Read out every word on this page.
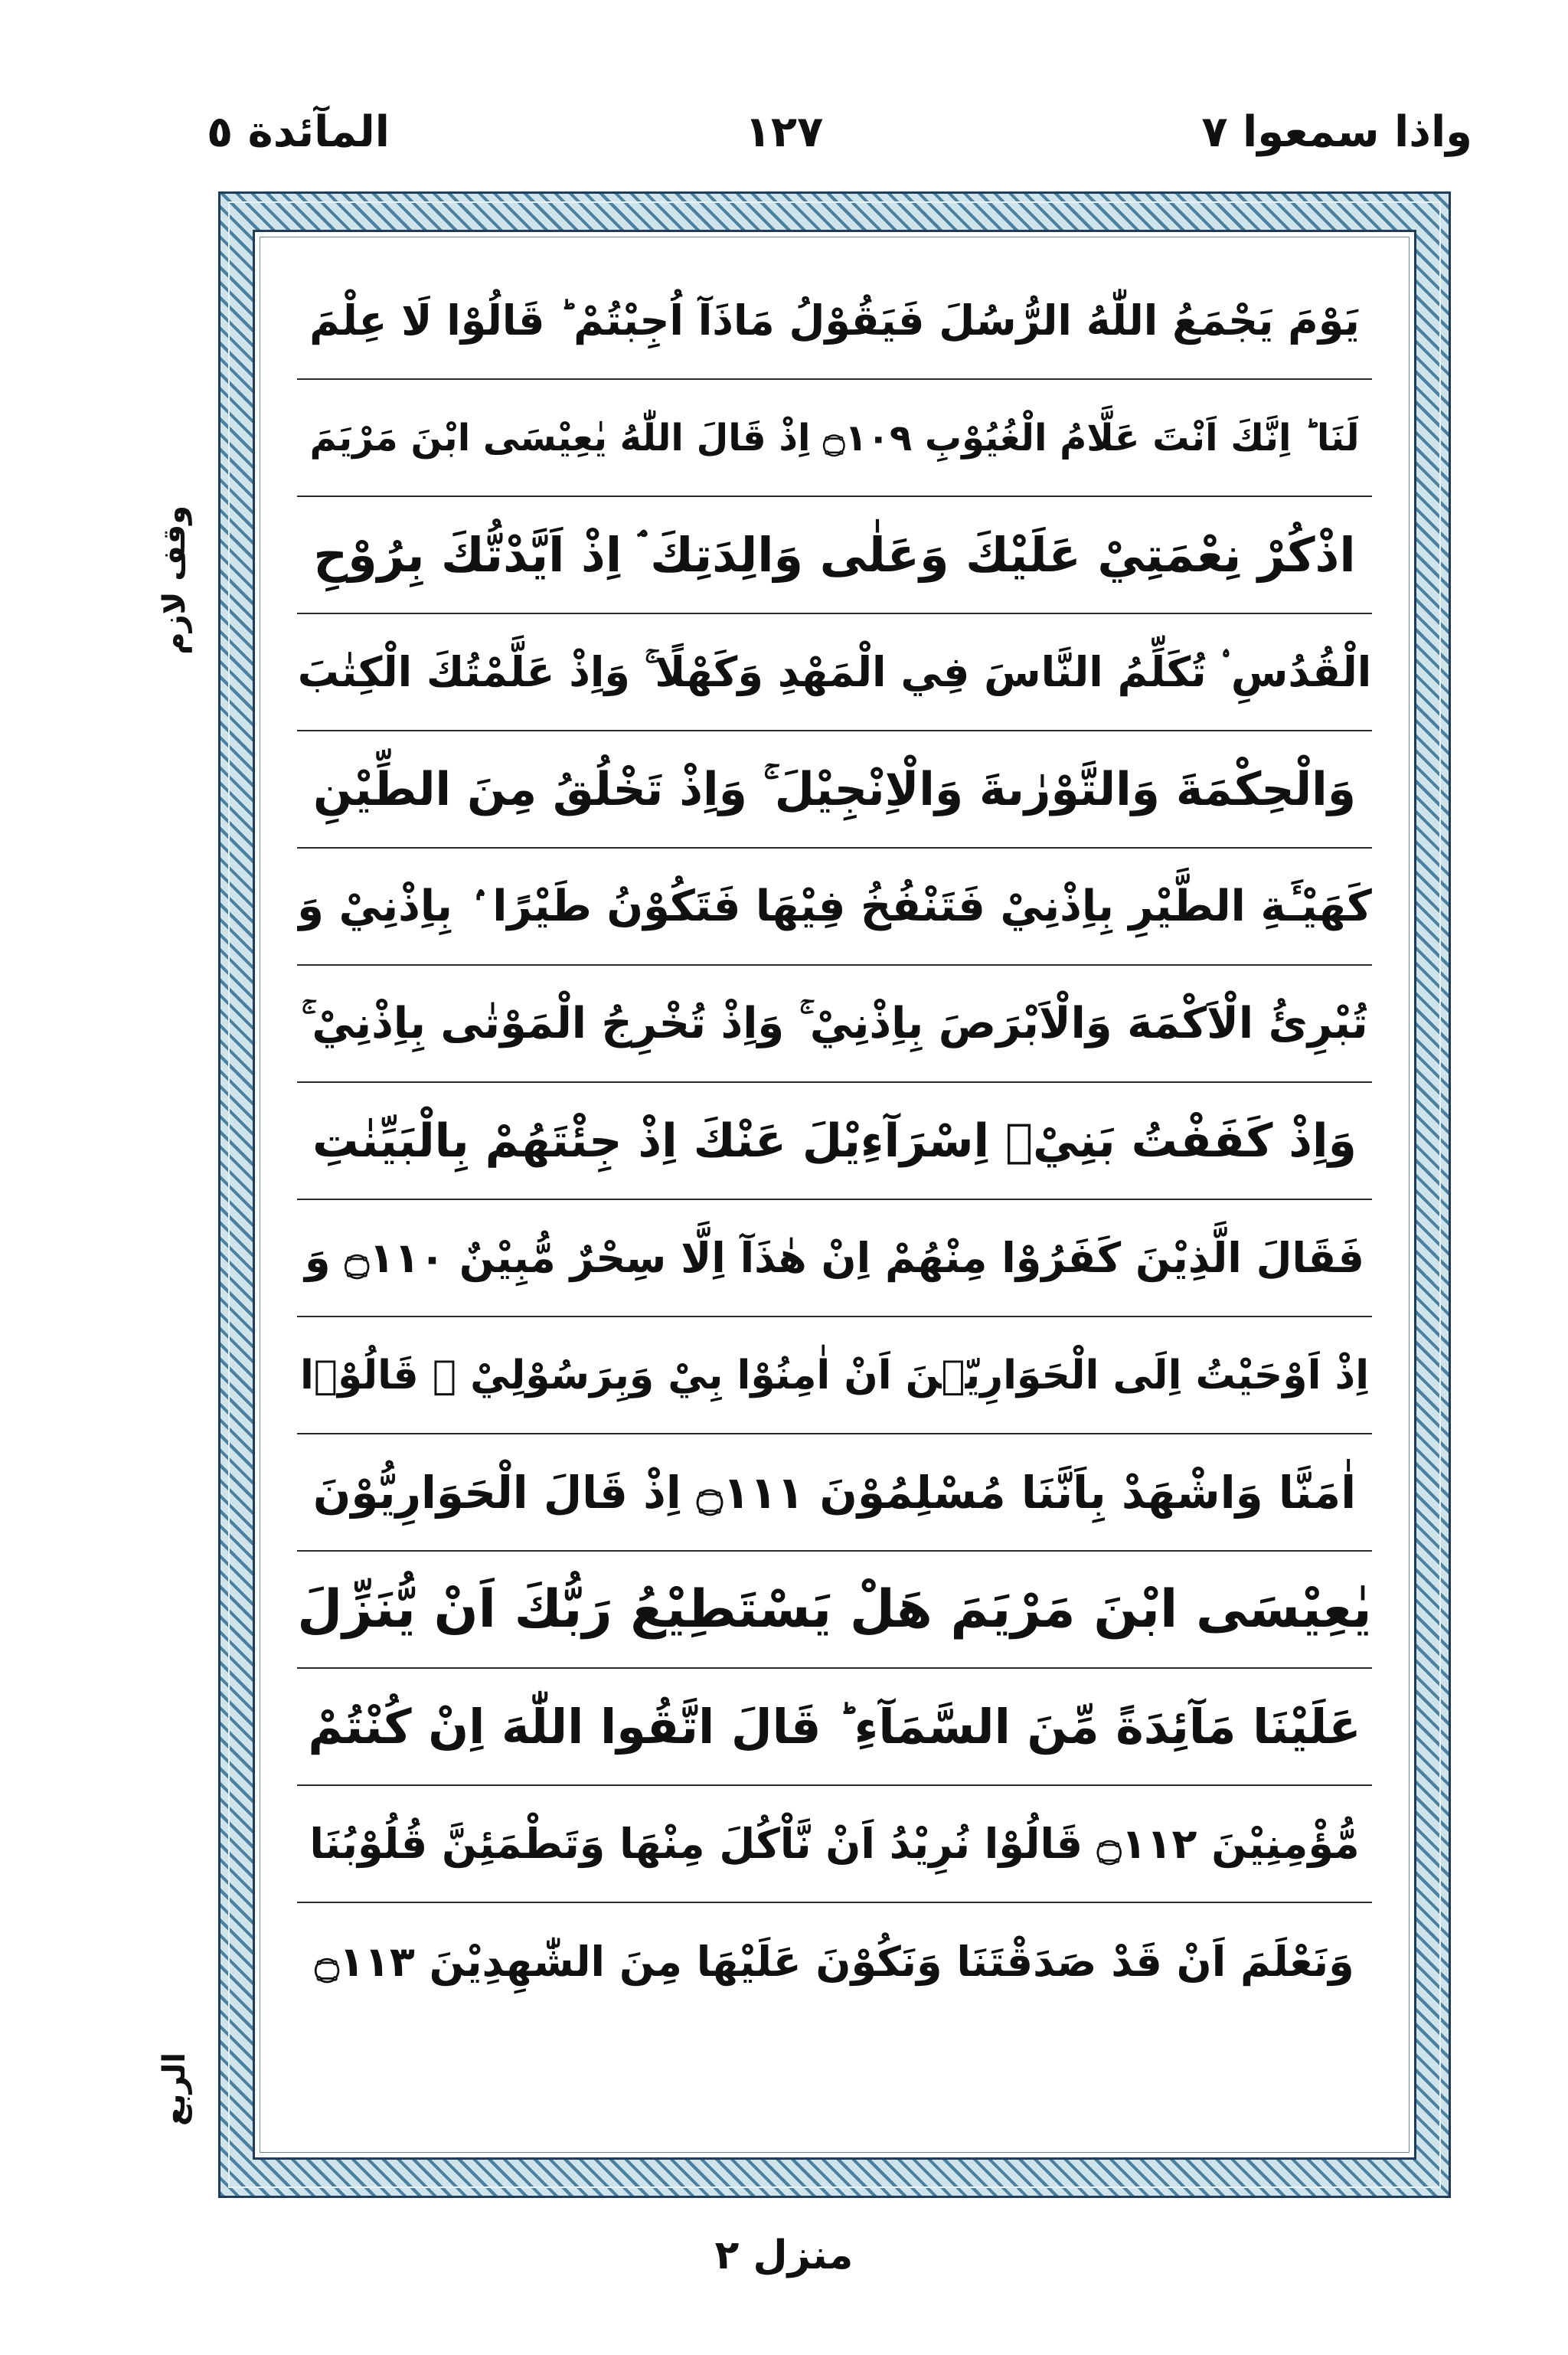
واذا سمعوا ٧
١٢٧
المآئدة ٥
وقف لازم
الربع
يَوْمَ يَجْمَعُ اللّٰهُ الرُّسُلَ فَيَقُوْلُ مَاذَآ اُجِبْتُمْ ؕ قَالُوْا لَا عِلْمَ
لَنَا ؕ اِنَّكَ اَنْتَ عَلَّامُ الْغُيُوْبِ ۝١٠٩ اِذْ قَالَ اللّٰهُ يٰعِيْسَى ابْنَ مَرْيَمَ
اذْكُرْ نِعْمَتِيْ عَلَيْكَ وَعَلٰى وَالِدَتِكَ ۘ اِذْ اَيَّدْتُّكَ بِرُوْحِ
الْقُدُسِ ۟ تُكَلِّمُ النَّاسَ فِي الْمَهْدِ وَكَهْلًا ۚ وَاِذْ عَلَّمْتُكَ الْكِتٰبَ
وَالْحِكْمَةَ وَالتَّوْرٰىةَ وَالْاِنْجِيْلَ ۚ وَاِذْ تَخْلُقُ مِنَ الطِّيْنِ
كَهَيْـَٔةِ الطَّيْرِ بِاِذْنِيْ فَتَنْفُخُ فِيْهَا فَتَكُوْنُ طَيْرًا ۢ بِاِذْنِيْ وَ
تُبْرِئُ الْاَكْمَهَ وَالْاَبْرَصَ بِاِذْنِيْ ۚ وَاِذْ تُخْرِجُ الْمَوْتٰى بِاِذْنِيْ ۚ
وَاِذْ كَفَفْتُ بَنِيْۤ اِسْرَآءِيْلَ عَنْكَ اِذْ جِئْتَهُمْ بِالْبَيِّنٰتِ
فَقَالَ الَّذِيْنَ كَفَرُوْا مِنْهُمْ اِنْ هٰذَآ اِلَّا سِحْرٌ مُّبِيْنٌ ۝١١٠ وَ
اِذْ اَوْحَيْتُ اِلَى الْحَوَارِيّٖنَ اَنْ اٰمِنُوْا بِيْ وَبِرَسُوْلِيْ ۚ قَالُوْۤا
اٰمَنَّا وَاشْهَدْ بِاَنَّنَا مُسْلِمُوْنَ ۝١١١ اِذْ قَالَ الْحَوَارِيُّوْنَ
يٰعِيْسَى ابْنَ مَرْيَمَ هَلْ يَسْتَطِيْعُ رَبُّكَ اَنْ يُّنَزِّلَ
عَلَيْنَا مَآئِدَةً مِّنَ السَّمَآءِ ؕ قَالَ اتَّقُوا اللّٰهَ اِنْ كُنْتُمْ
مُّؤْمِنِيْنَ ۝١١٢ قَالُوْا نُرِيْدُ اَنْ نَّاْكُلَ مِنْهَا وَتَطْمَئِنَّ قُلُوْبُنَا
وَنَعْلَمَ اَنْ قَدْ صَدَقْتَنَا وَنَكُوْنَ عَلَيْهَا مِنَ الشّٰهِدِيْنَ ۝١١٣
منزل ٢
